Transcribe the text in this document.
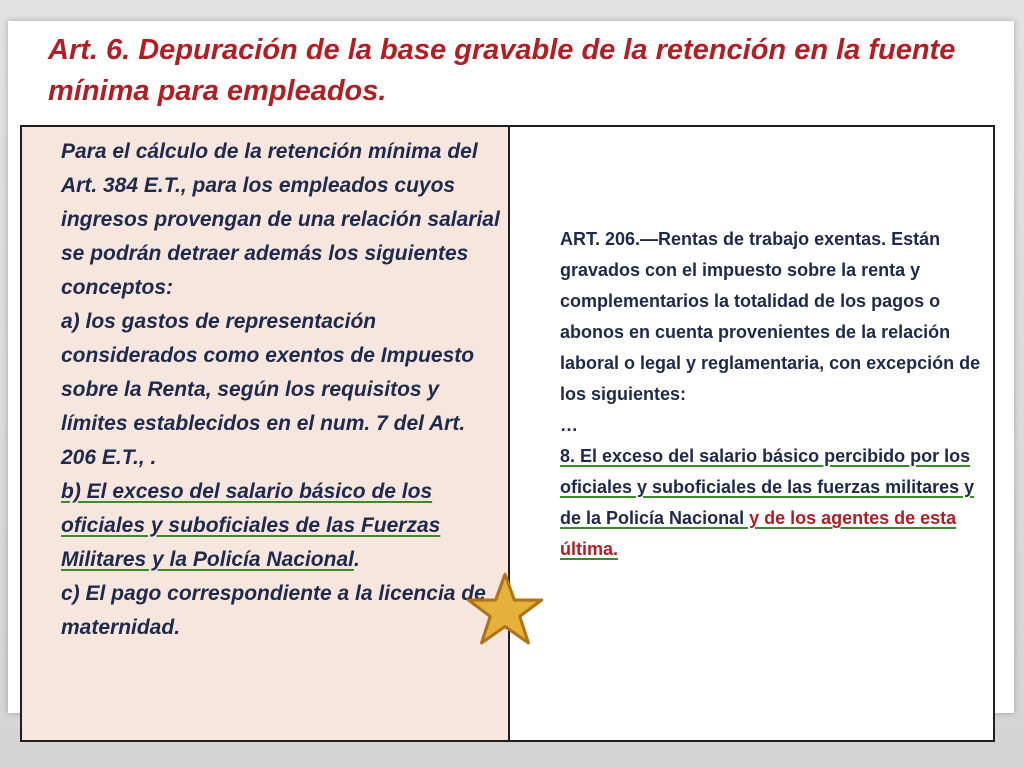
Art. 6. Depuración de la base gravable de la retención en la fuente mínima para empleados.

Para el cálculo de la retención mínima del Art. 384 E.T., para los empleados cuyos ingresos provengan de una relación salarial se podrán detraer además los siguientes conceptos:

a) los gastos de representación considerados como exentos de Impuesto sobre la Renta, según los requisitos y límites establecidos en el num. 7 del Art. 206 E.T., .

b) El exceso del salario básico de los oficiales y suboficiales de las Fuerzas Militares y la Policía Nacional.

c) El pago correspondiente a la licencia de maternidad.

ART. 206.—Rentas de trabajo exentas. Están gravados con el impuesto sobre la renta y complementarios la totalidad de los pagos o abonos en cuenta provenientes de la relación laboral o legal y reglamentaria, con excepción de los siguientes:

…

8. El exceso del salario básico percibido por los oficiales y suboficiales de las fuerzas militares y de la Policía Nacional y de los agentes de esta última.
